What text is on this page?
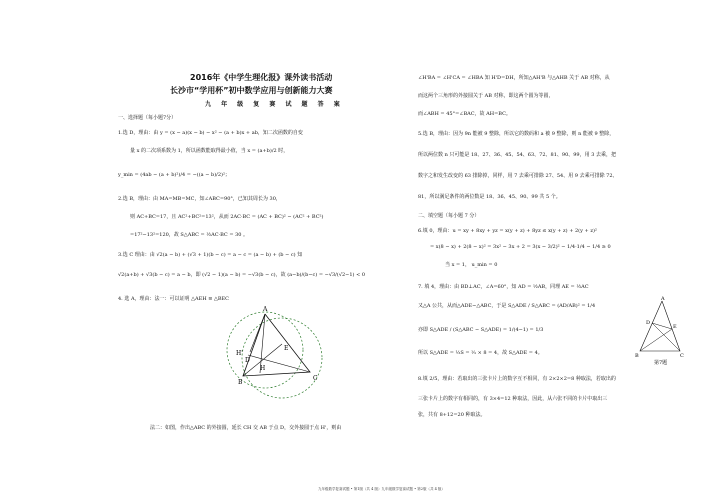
2016年《中学生理化报》课外读书活动
长沙市“学用杯”初中数学应用与创新能力大赛
九 年 级 复 赛 试 题 答 案
一、选择题（每小题7分）
1.选 D，理由：由 y = (x − a)(x − b) − x² − (a + b)x + ab，知二次函数的自变
量 x 的二次项系数为 1，所以函数能取得最小值，当 x = (a+b)/2 时，
y_min = (4ab − (a + b)²)/4 = −((a − b)/2)²；
2.选 B，理由：由 MA=MB=MC，知∠ABC=90°，已知其周长为 30，
则 AC+BC=17，且 AC²+BC²=13²，从而 2AC·BC = (AC + BC)² − (AC² + BC²)
=17²−13²=120，故 S△ABC = ½AC·BC = 30 。
3.选 C 理由：由 √2(a − b) + (√3 + 1)(b − c) = a − c = (a − b) + (b − c) 知
√2(a+b) + √3(b − c) = a − b，即 (√2 − 1)(a − b) = −√3(b − c)，故 (a−b)/(b−c) = −√3/(√2−1) < 0
4. 选 A，理由：法一：可以证明 △AEH ≌ △BEC
法二：如图，作出△ABC 的外接圆，延长 CH 交 AB 于点 D，交外接圆于点 H'，则由
A
H'
D
E
H
B
C
∠H'BA = ∠H'CA = ∠HBA 知 H'D=DH，所知△AH'B 与△AHB 关于 AB 对称，从
而这两个三角形的外接圆关于 AB 对称，即这两个圆为等圆，
而∠ABH = 45°=∠BAC，故 AH=BC。
5.选 B，理由：因为 9n 能被 9 整除，所以它的数码和 a 被 9 整除，则 n 能被 9 整除，
所以两位数 n 只可能是 18、27、36、45、54、63、72、81、90、99，用 3 去乘，把
数字之和发生改变的 63 排除掉，同样，用 7 去乘可排除 27、54、用 9 去乘可排除 72、
81，所以满足条件的两位数是 18、36、45、90、99 共 5 个。
二、填空题（每小题 7 分）
6.填 0，理由：u = xy + 8xy + yz = x(y + z) + 8yz ≤ x(y + z) + 2(y + z)²
= x(8 − x) + 2(8 − x)² = 3x² − 3x + 2 = 3(x − 3/2)² − 1/4·1/4 − 1/4 ≥ 0
当 x = 1， u_min = 0
7. 填 4，理由：由 BD⊥AC，∠A=60°，知 AD = ½AB，同理 AE = ½AC
又△A 公共，从而△ADE∽△ABC，于是 S△ADE / S△ABC = (AD/AB)² = 1/4
亦即 S△ADE / (S△ABC − S△ADE) = 1/(4−1) = 1/3
所以 S△ADE = ⅓S = ⅓ × 8 = 4，故 S△ADE = 4。
8.填 2/5，理由：若取出的三张卡片上的数字互不相同，有 2×2×2=8 种取法，若取出的
三张卡片上的数字有相同的，有 3×4=12 种取法，因此，从六张不同的卡片中取出三
张，共有 8+12=20 种取法。
A
D
E
B	C
第7题
九年级数学复赛试题 • 第1版（共 4 版）九年级数学复赛试题 • 第2版（共 4 版）
